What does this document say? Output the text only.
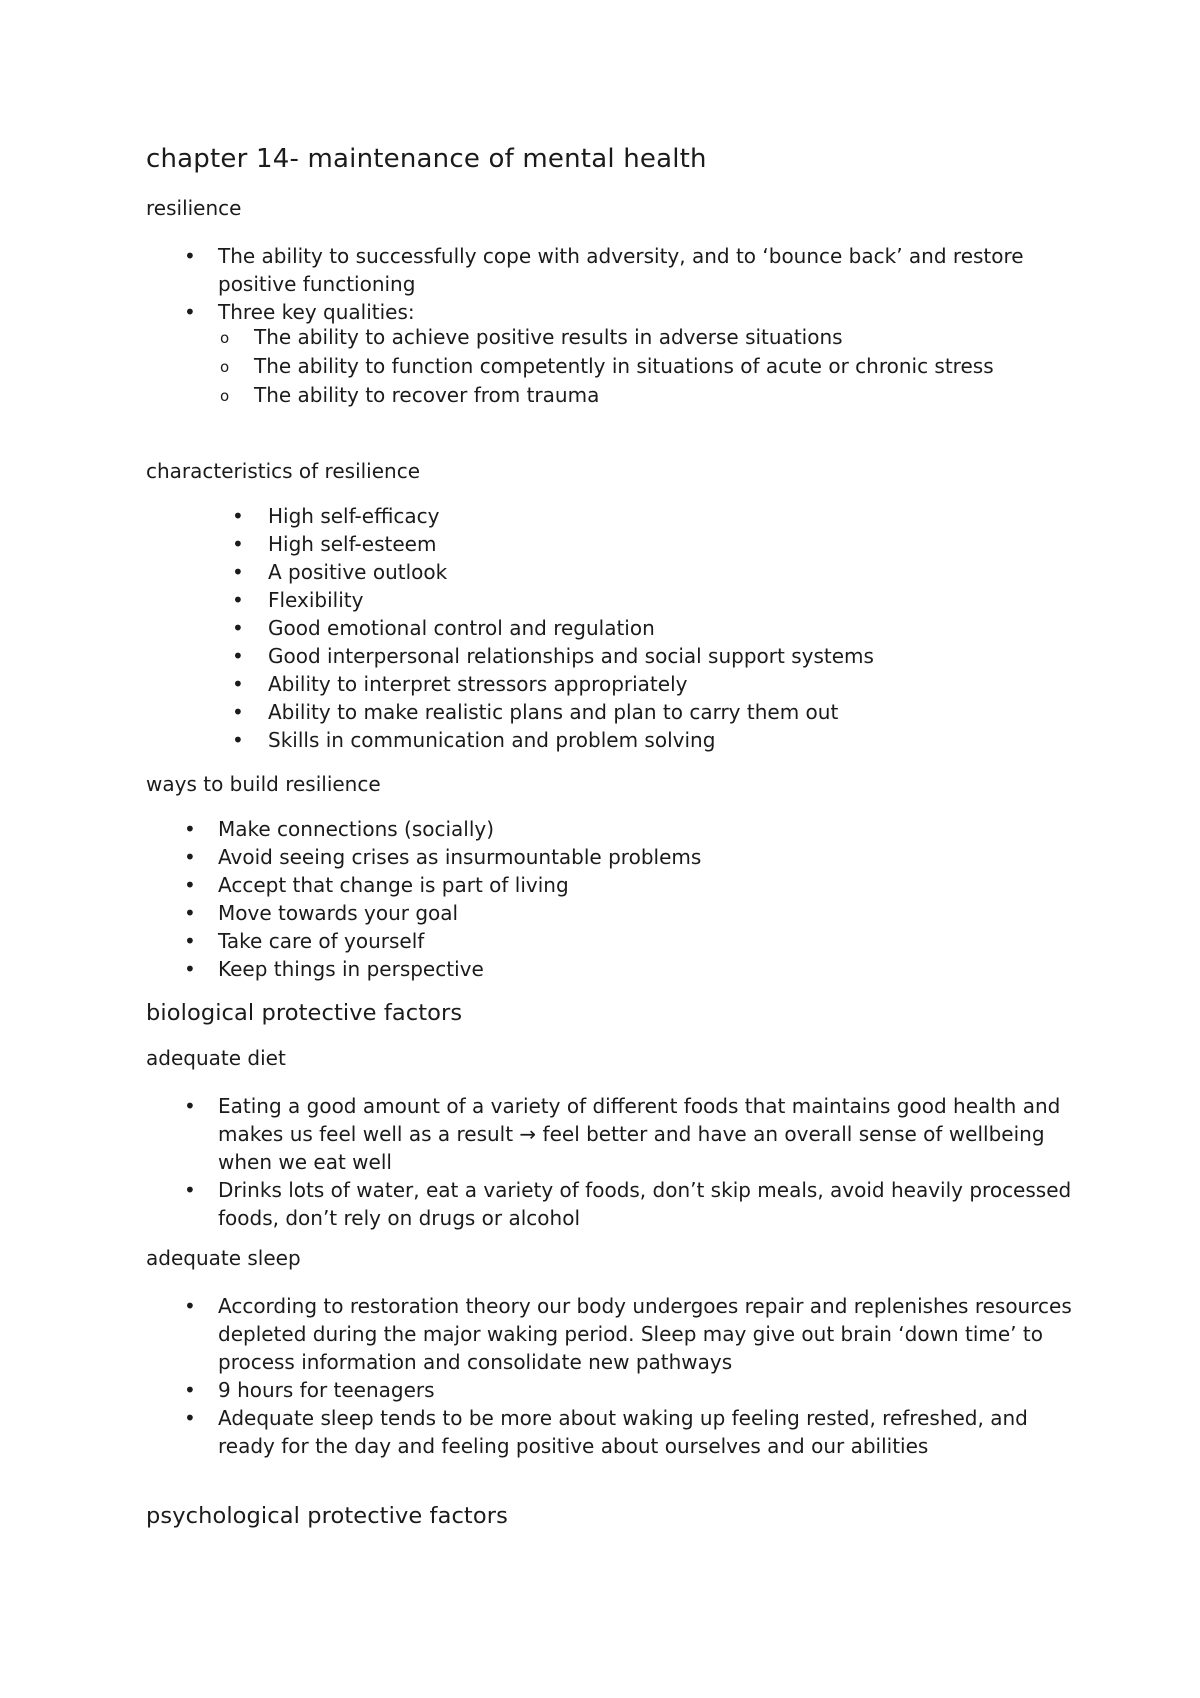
chapter 14- maintenance of mental health

resilience

• The ability to successfully cope with adversity, and to ‘bounce back’ and restore positive functioning
• Three key qualities:
o The ability to achieve positive results in adverse situations
o The ability to function competently in situations of acute or chronic stress
o The ability to recover from trauma

characteristics of resilience

• High self-efficacy
• High self-esteem
• A positive outlook
• Flexibility
• Good emotional control and regulation
• Good interpersonal relationships and social support systems
• Ability to interpret stressors appropriately
• Ability to make realistic plans and plan to carry them out
• Skills in communication and problem solving

ways to build resilience

• Make connections (socially)
• Avoid seeing crises as insurmountable problems
• Accept that change is part of living
• Move towards your goal
• Take care of yourself
• Keep things in perspective
biological protective factors

adequate diet

• Eating a good amount of a variety of different foods that maintains good health and makes us feel well as a result → feel better and have an overall sense of wellbeing when we eat well
• Drinks lots of water, eat a variety of foods, don’t skip meals, avoid heavily processed foods, don’t rely on drugs or alcohol

adequate sleep

• According to restoration theory our body undergoes repair and replenishes resources depleted during the major waking period. Sleep may give out brain ‘down time’ to process information and consolidate new pathways
• 9 hours for teenagers
• Adequate sleep tends to be more about waking up feeling rested, refreshed, and ready for the day and feeling positive about ourselves and our abilities
psychological protective factors
